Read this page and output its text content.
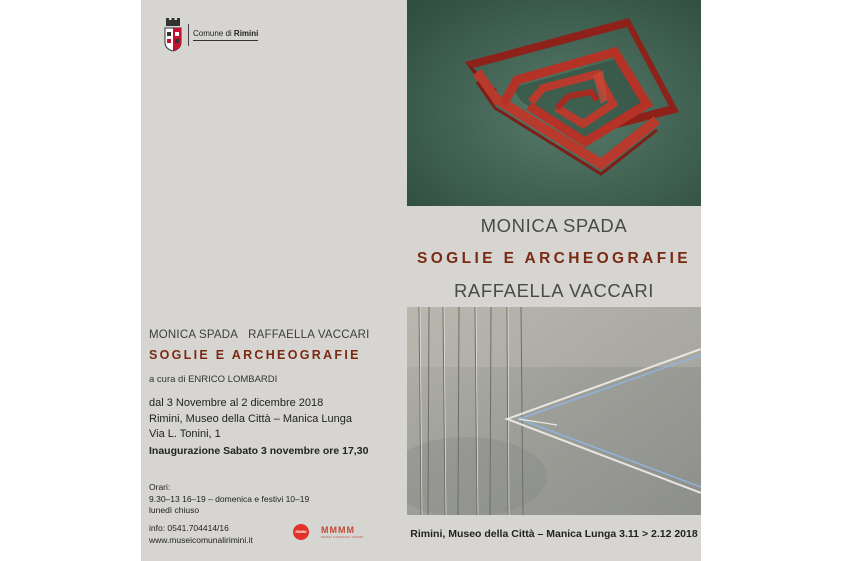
Comune di Rimini
MONICA SPADA RAFFAELLA VACCARI
SOGLIE E ARCHEOGRAFIE
a cura di ENRICO LOMBARDI
dal 3 Novembre al 2 dicembre 2018
Rimini, Museo della Città – Manica Lunga
Via L. Tonini, 1
Inaugurazione Sabato 3 novembre ore 17,30
Orari:
9.30–13 16–19 – domenica e festivi 10–19
lunedì chiuso
info: 0541.704414/16
www.museicomunalirimini.it
RIMINI MMMM
MUSEI COMUNALI RIMINI
MONICA SPADA
SOGLIE E ARCHEOGRAFIE
RAFFAELLA VACCARI
Rimini, Museo della Città – Manica Lunga 3.11 > 2.12 2018
